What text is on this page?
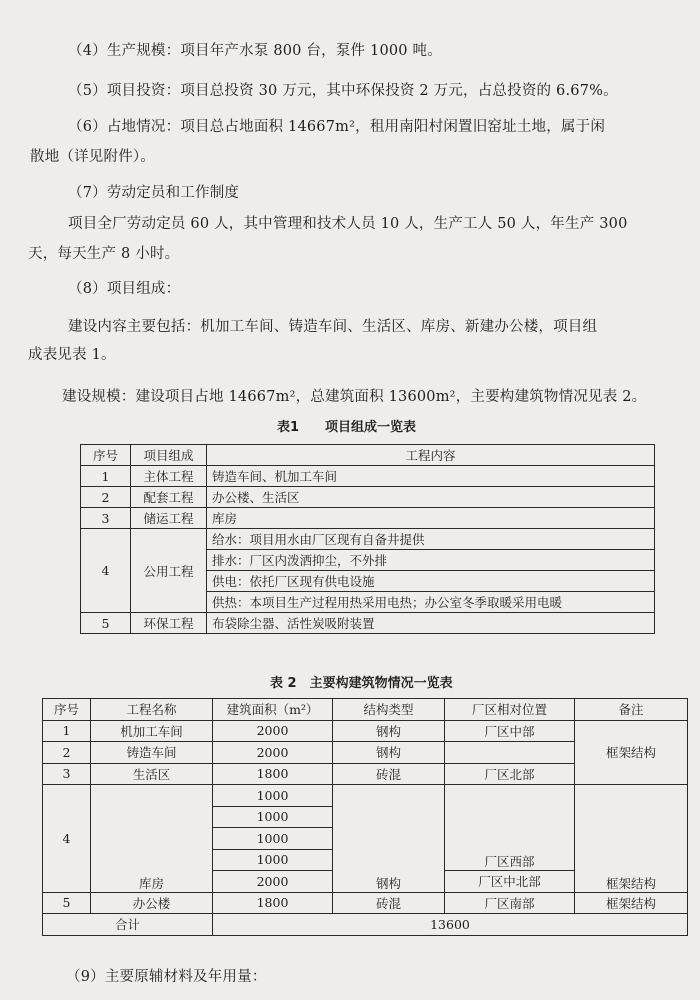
（4）生产规模：项目年产水泵 800 台，泵件 1000 吨。
（5）项目投资：项目总投资 30 万元，其中环保投资 2 万元，占总投资的 6.67%。
（6）占地情况：项目总占地面积 14667m²，租用南阳村闲置旧窑址土地，属于闲
散地（详见附件）。
（7）劳动定员和工作制度
项目全厂劳动定员 60 人，其中管理和技术人员 10 人，生产工人 50 人，年生产 300
天，每天生产 8 小时。
（8）项目组成：
建设内容主要包括：机加工车间、铸造车间、生活区、库房、新建办公楼，项目组
成表见表 1。
建设规模：建设项目占地 14667m²，总建筑面积 13600m²，主要构建筑物情况见表 2。
表1　　项目组成一览表
序号	项目组成	工程内容
1	主体工程	铸造车间、机加工车间
2	配套工程	办公楼、生活区
3	储运工程	库房
4	公用工程	给水：项目用水由厂区现有自备井提供
		排水：厂区内泼洒抑尘，不外排
		供电：依托厂区现有供电设施
		供热：本项目生产过程用热采用电热；办公室冬季取暖采用电暖
5	环保工程	布袋除尘器、活性炭吸附装置
表 2　主要构建筑物情况一览表
序号	工程名称	建筑面积（m²）	结构类型	厂区相对位置	备注
1	机加工车间	2000	钢构	厂区中部	框架结构
2	铸造车间	2000	钢构		
3	生活区	1800	砖混	厂区北部	
4	库房	1000	钢构	厂区西部	框架结构
		1000			
		1000			
		1000			
		2000		厂区中北部	
5	办公楼	1800	砖混	厂区南部	框架结构
合计		13600			
（9）主要原辅材料及年用量：
